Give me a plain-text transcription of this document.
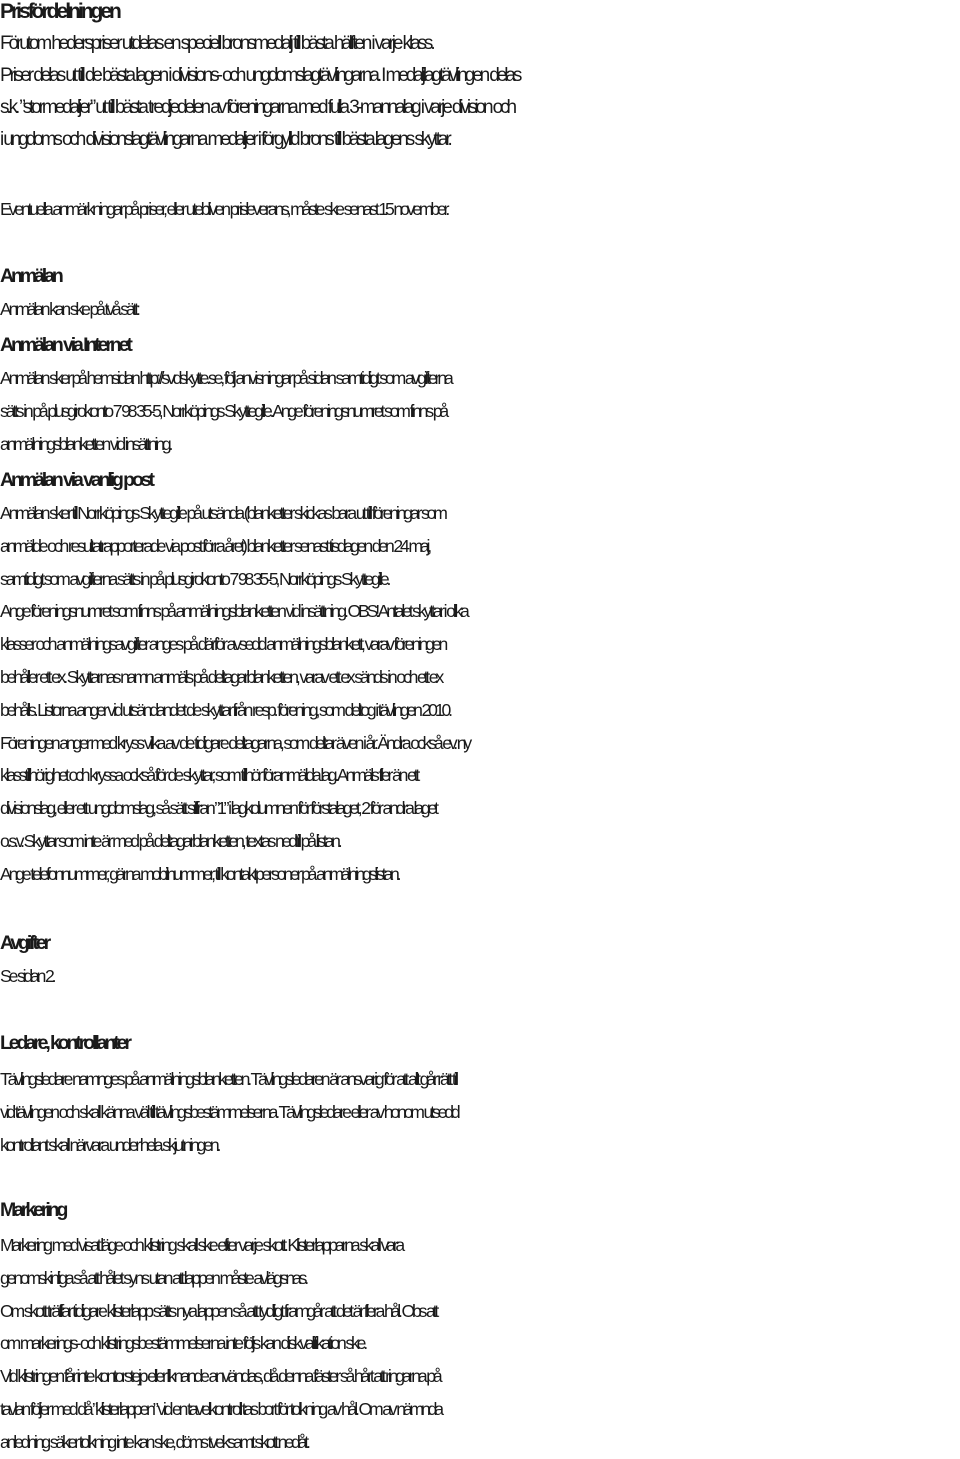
Prisfördelningen
Förutom hederspriser utdelas en speciell bronsmedalj till bästa hälften i varje klass.
Priser delas ut till de bästa lagen i divisions- och ungdomslagtävlingarna. I medaljlagtävlingen delas
s.k. ”stormedaljer” ut till bästa tredjedelen av föreningarna med fulla 3-mannalag i varje division och
i ungdoms och divisionslagtävlingarna medaljer i förgylld brons till bästa lagens skyttar.
Eventuella anmärkningar på priser, eller utebliven prisleverans, måste ske senast 15 november.
Anmälan
Anmälan kan ske på två sätt:
Anmälan via Internet
Anmälan sker på hemsidan http://svdskytte.se, följ anvisningar på sidan samtidigt som avgifterna
sätts in på plusgirokonto 7 98 35-5, Norrköpings Skyttegille. Ange föreningsnumret som finns på
anmälningsblanketten vid insättning.
Anmälan via vanlig post
Anmälan sker till Norrköpings Skyttegille på utsända (blanketter skickas bara ut till föreningar som
anmälde och resultatrapporterade via post förra året) blanketter senast tisdagen den 24 maj,
samtidigt som avgifterna sätts in på plusgirokonto 7 98 35-5, Norrköpings Skyttegille.
Ange föreningsnumret som finns på anmälningsblanketten vid insättning. OBS! Antalet skyttar i olika
klasser och anmälningsavgifter anges på därför avsedd anmälningsblankett, varav föreningen
behåller ett ex. Skyttarnas namn anmäls på deltagarblanketten, varav ett ex sänds in och ett ex
behålls. Listorna anger vid utsändandet de skyttar från resp. förening, som deltog i tävlingen 2010.
Föreningen anger med kryss vilka av de tidigare deltagarna, som deltar även i år. Ändra också ev. ny
klasstillhörighet och kryssa också för de skyttar, som tillhör föranmälda lag. Anmäls fler än ett
divisionslag, eller ett ungdomslag, så sätt siffran ”1” i lagkolumnen för förstalaget, 2 för andra laget
o.s.v. Skyttar som inte är med på deltagarblanketten, textas nedtill på listan.
Ange telefonnummer, gärna mobilnummer, till kontaktpersoner på anmälningslistan.
Avgifter
Se sidan 2.
Ledare, kontrollanter
Tävlingsledare namnges på anmälningsblanketten. Tävlingsledaren är ansvarig för att allt går rätt till
vid tävlingen och skall känna väl till tävlingsbestämmelserna. Tävlingsledare eller av honom utsedd
kontrollant skall närvara under hela skjutningen.
Markering
Markering med visat läge och klistring skall ske efter varje skott. Klisterlapparna skall vara
genomskinliga så att hålet syns utan att lappen måste avlägsnas.
Om skott träffar tidigare klisterlapp sätts nya lappen så att tydligt framgår att det är flera hål. Obs att
om markerings- och klistringsbestämmelserna inte följs kan diskvalifikation ske.
Vid klistringen får inte kontorstejp eller liknande användas, då denna fäster så hårt att ringarna på
tavlan följer med då ”klisterlappen” vid en tavelkontroll tas bort för tolkning av hål. Om av nämnda
anledning säker tolkning inte kan ske, döms tveksamt skott nedåt.
